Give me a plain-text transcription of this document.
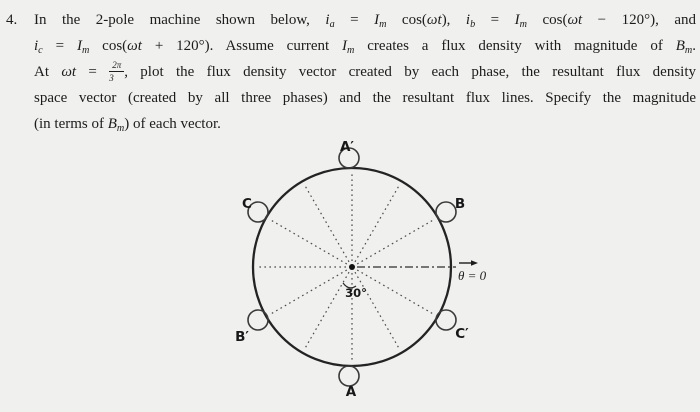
4. In the 2-pole machine shown below, ia = Im cos(ωt), ib = Im cos(ωt − 120°), and
ic = Im cos(ωt + 120°). Assume current Im creates a flux density with magnitude of Bm.
At $\omega t = \frac{2\pi}{3}$ , plot the flux density vector created by each phase, the resultant flux density
space vector (created by all three phases) and the resultant flux lines. Specify the magnitude
(in terms of Bm) of each vector.
θ = 0
30°
A′
B
C
B′	C′
A
